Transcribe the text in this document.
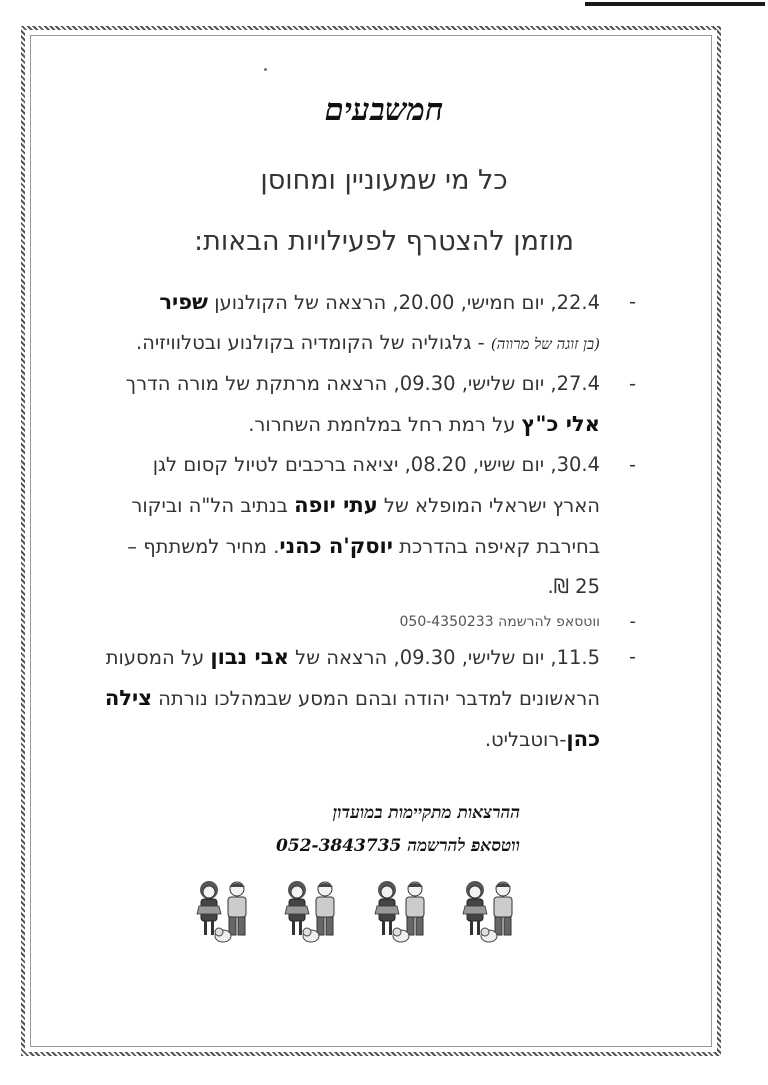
חמשבעים
כל מי שמעוניין ומחוסן
מוזמן להצטרף לפעילויות הבאות:
- 22.4, יום חמישי, 20.00, הרצאה של הקולנוען שפיר
(בן זוגה של מרווה) - גלגוליה של הקומדיה בקולנוע ובטלוויזיה.
- 27.4, יום שלישי, 09.30, הרצאה מרתקת של מורה הדרך אלי כ"ץ על רמת רחל במלחמת השחרור.
- 30.4, יום שישי, 08.20, יציאה ברכבים לטיול קסום לגן הארץ ישראלי המופלא של עתי יופה בנתיב הל"ה וביקור בחירבת קאיפה בהדרכת יוסק'ה כהני. מחיר למשתתף – 25 ₪.
- ווטסאפ להרשמה 050-4350233
- 11.5, יום שלישי, 09.30, הרצאה של אבי נבון על המסעות הראשונים למדבר יהודה ובהם המסע שבמהלכו נורתה צילה כהן-רוטבליט.
ההרצאות מתקיימות במועדון
ווטסאפ להרשמה 052-3843735
